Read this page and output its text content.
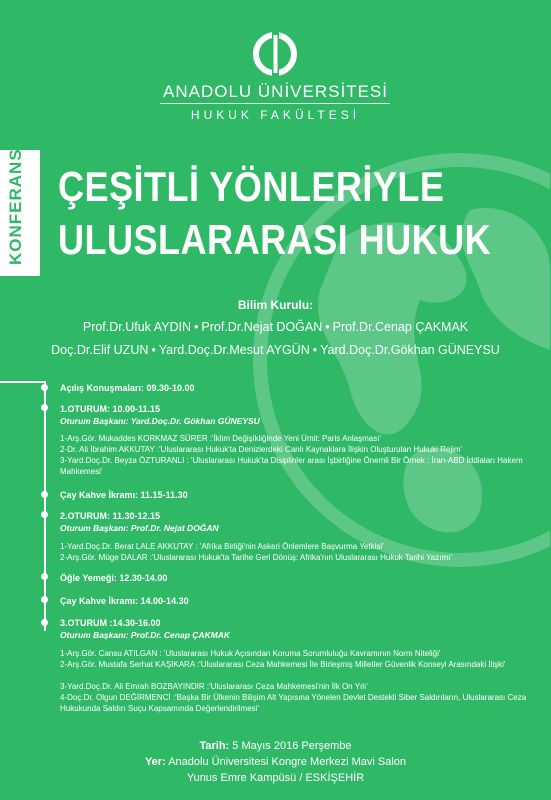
ANADOLU ÜNİVERSİTESİ
HUKUK FAKÜLTESİ
KONFERANS ÇEŞİTLİ YÖNLERİYLE
ULUSLARARASI HUKUK
Bilim Kurulu:
Prof.Dr.Ufuk AYDIN • Prof.Dr.Nejat DOĞAN • Prof.Dr.Cenap ÇAKMAK
Doç.Dr.Elif UZUN • Yard.Doç.Dr.Mesut AYGÜN • Yard.Doç.Dr.Gökhan GÜNEYSU
Açılış Konuşmaları: 09.30-10.00
1.OTURUM: 10.00-11.15
Oturum Başkanı: Yard.Doç.Dr. Gökhan GÜNEYSU
1-Arş.Gör. Mukaddes KORKMAZ SÜRER :'İklim Değişikliğinde Yeni Ümit: Paris Anlaşması'
2-Dr. Ali İbrahim AKKUTAY :'Uluslararası Hukuk'ta Denizlerdeki Canlı Kaynaklara İlişkin Oluşturulan Hukuki Rejim'
3-Yard.Doç.Dr. Beyza ÖZTURANLI : 'Uluslararası Hukuk'ta Disiplinler arası İşbirliğine Önemli Bir Örnek : İran-ABD İddiaları Hakem Mahkemesi'
Çay Kahve İkramı: 11.15-11.30
2.OTURUM: 11.30-12.15
Oturum Başkanı: Prof.Dr. Nejat DOĞAN
1-Yard.Doç.Dr. Berat LALE AKKUTAY : 'Afrika Birliği'nin Askeri Önlemlere Başvurma Yetkisi'
2-Arş.Gör. Müge DALAR :'Uluslararası Hukuk'ta Tarihe Geri Dönüş: Afrika'nın Uluslararası Hukuk Tarihi Yazımı'
Öğle Yemeği: 12.30-14.00
Çay Kahve İkramı: 14.00-14.30
3.OTURUM :14.30-16.00
Oturum Başkanı: Prof.Dr. Cenap ÇAKMAK
1-Arş.Gör. Cansu ATILGAN : 'Uluslararası Hukuk Açısından Koruma Sorumluluğu Kavramının Norm Niteliği'
2-Arş.Gör. Mustafa Serhat KAŞIKARA :'Uluslararası Ceza Mahkemesi İle Birleşmiş Milletler Güvenlik Konseyi Arasındaki İlişki'
3-Yard.Doç.Dr. Ali Emrah BOZBAYINDIR :'Uluslararası Ceza Mahkemesi'nin İlk On Yılı'
4-Doç.Dr. Olgun DEĞİRMENCİ :'Başka Bir Ülkenin Bilişim Alt Yapısına Yönelen Devlet Destekli Siber Saldırıların, Uluslararası Ceza Hukukunda Saldırı Suçu Kapsamında Değerlendirilmesi'
Tarih: 5 Mayıs 2016 Perşembe
Yer: Anadolu Üniversitesi Kongre Merkezi Mavi Salon
Yunus Emre Kampüsü / ESKİŞEHİR
